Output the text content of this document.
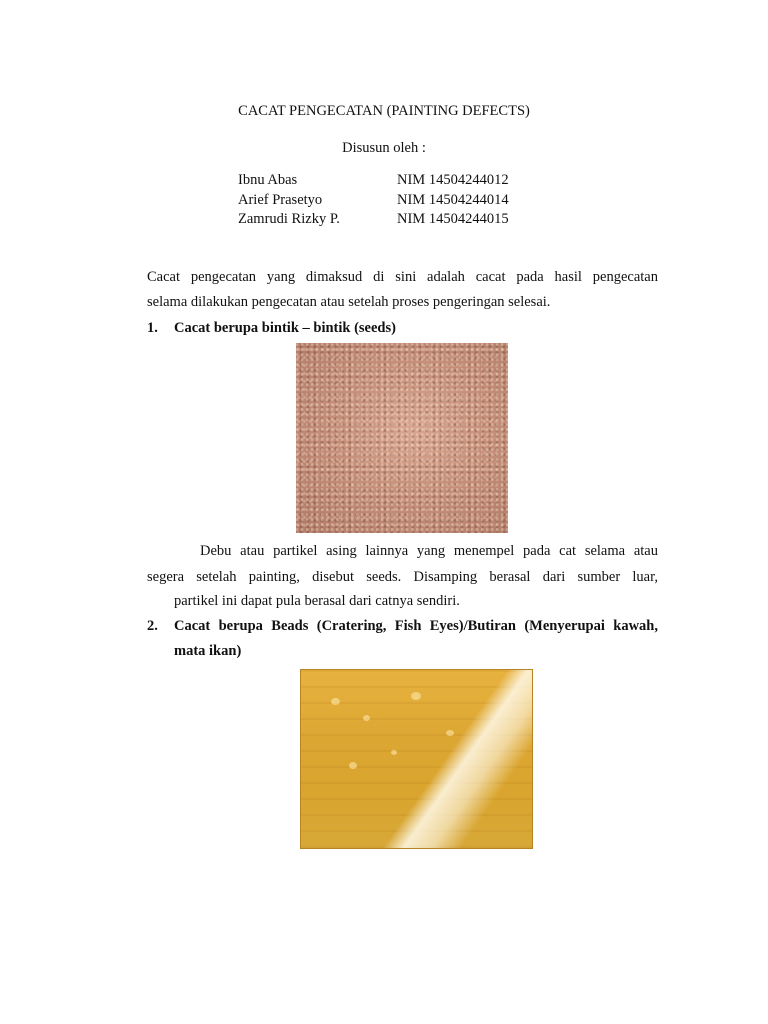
CACAT PENGECATAN (PAINTING DEFECTS)
Disusun oleh :
Ibnu Abas	NIM 14504244012
Arief Prasetyo	NIM 14504244014
Zamrudi Rizky P.	NIM 14504244015
Cacat pengecatan yang dimaksud di sini adalah cacat pada hasil pengecatan
selama dilakukan pengecatan atau setelah proses pengeringan selesai.
1. Cacat berupa bintik – bintik (seeds)
Debu atau partikel asing lainnya yang menempel pada cat selama atau
segera setelah painting, disebut seeds. Disamping berasal dari sumber luar,
partikel ini dapat pula berasal dari catnya sendiri.
2. Cacat berupa Beads (Cratering, Fish Eyes)/Butiran (Menyerupai kawah,
mata ikan)
